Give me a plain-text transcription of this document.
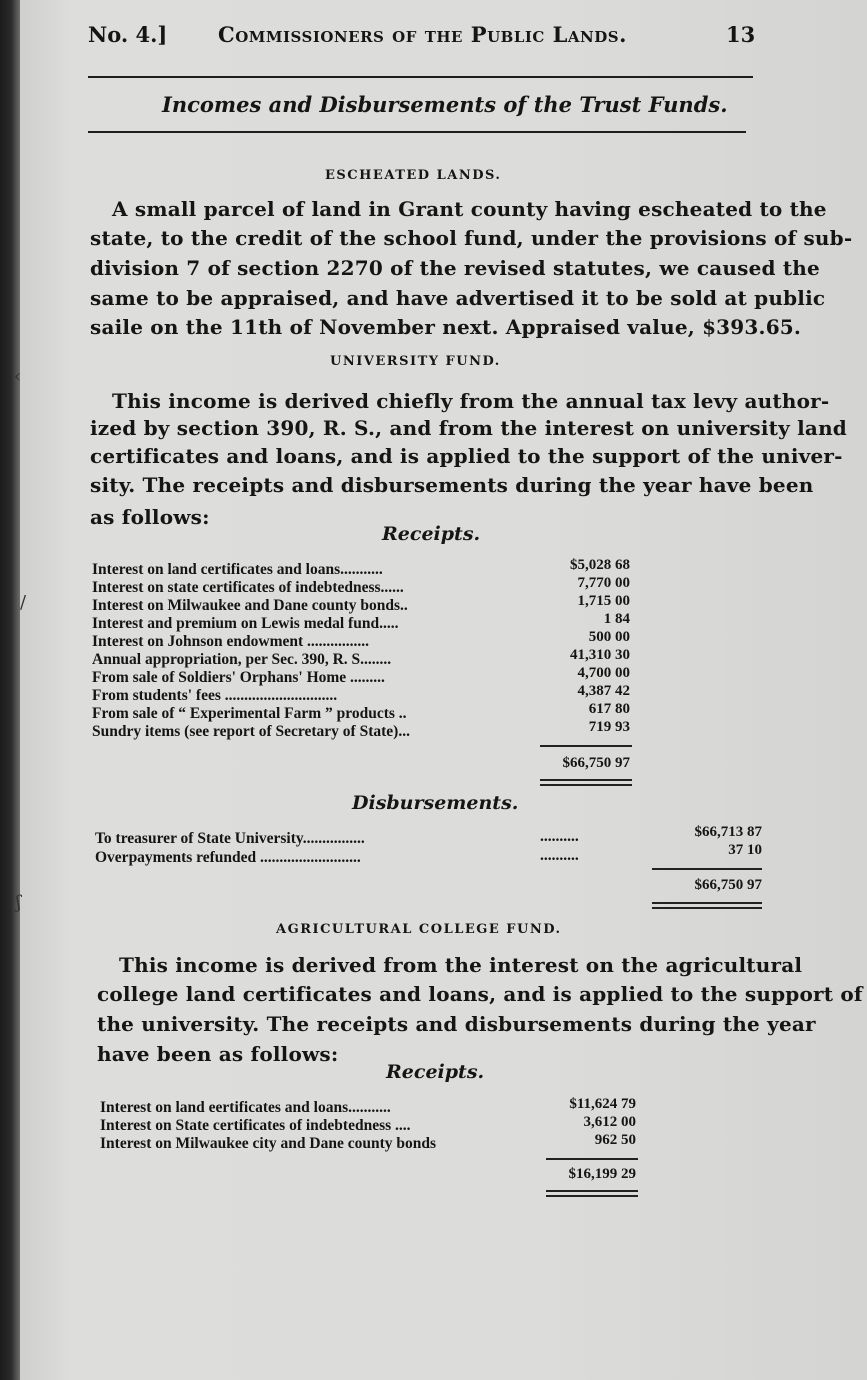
No. 4.] Commissioners of the Public Lands.	13
Incomes and Disbursements of the Trust Funds.
ESCHEATED LANDS.
A small parcel of land in Grant county having escheated to the
state, to the credit of the school fund, under the provisions of sub-
division 7 of section 2270 of the revised statutes, we caused the
same to be appraised, and have advertised it to be sold at public
saile on the 11th of November next. Appraised value, $393.65.
UNIVERSITY FUND.
This income is derived chiefly from the annual tax levy author-
ized by section 390, R. S., and from the interest on university land
certificates and loans, and is applied to the support of the univer-
sity. The receipts and disbursements during the year have been
as follows:
Receipts.
Interest on land certificates and loans...........	$5,028 68
Interest on state certificates of indebtedness......	7,770 00
Interest on Milwaukee and Dane county bonds..	1,715 00
Interest and premium on Lewis medal fund.....	1 84
Interest on Johnson endowment ................	500 00
Annual appropriation, per Sec. 390, R. S........	41,310 30
From sale of Soldiers' Orphans' Home .........	4,700 00
From students' fees .............................	4,387 42
From sale of “ Experimental Farm ” products ..	617 80
Sundry items (see report of Secretary of State)...	719 93
$66,750 97
Disbursements.
To treasurer of State University................	..........	$66,713 87
Overpayments refunded ..........................	..........	37 10
$66,750 97
AGRICULTURAL COLLEGE FUND.
This income is derived from the interest on the agricultural
college land certificates and loans, and is applied to the support of
the university. The receipts and disbursements during the year
have been as follows:
Receipts.
Interest on land eertificates and loans...........	$11,624 79
Interest on State certificates of indebtedness ....	3,612 00
Interest on Milwaukee city and Dane county bonds	962 50
$16,199 29
‹
/
ʃ
